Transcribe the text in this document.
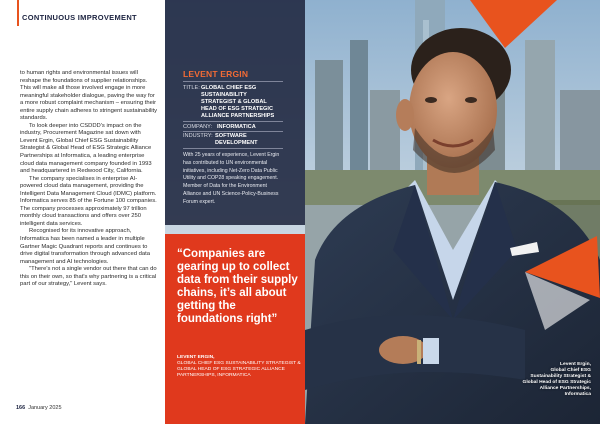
CONTINUOUS IMPROVEMENT

to human rights and environmental issues will reshape the foundations of supplier relationships. This will make all those involved engage in more meaningful stakeholder dialogue, paving the way for a more robust complaint mechanism – ensuring their entire supply chain adheres to stringent sustainability standards.

To look deeper into CSDDD's impact on the industry, Procurement Magazine sat down with Levent Ergin, Global Chief ESG Sustainability Strategist & Global Head of ESG Strategic Alliance Partnerships at Informatica, a leading enterprise cloud data management company founded in 1993 and headquartered in Redwood City, California.

The company specialises in enterprise AI-powered cloud data management, providing the Intelligent Data Management Cloud (IDMC) platform. Informatica serves 85 of the Fortune 100 companies. The company processes approximately 97 trillion monthly cloud transactions and offers over 250 intelligent data services.

Recognised for its innovative approach, Informatica has been named a leader in multiple Gartner Magic Quadrant reports and continues to drive digital transformation through advanced data management and AI technologies.

"There's not a single vendor out there that can do this on their own, so that's why partnering is a critical part of our strategy," Levent says.

166 January 2025
LEVENT ERGIN
TITLE: GLOBAL CHIEF ESG
SUSTAINABILITY
STRATEGIST & GLOBAL
HEAD OF ESG STRATEGIC
ALLIANCE PARTNERSHIPS
COMPANY: INFORMATICA
INDUSTRY: SOFTWARE
DEVELOPMENT
With 25 years of experience, Levent Ergin has contributed to UN environmental initiatives, including Net-Zero Data Public Utility and COP28 speaking engagement. Member of Data for the Environment Alliance and UN Science-Policy-Business Forum expert.
“Companies are gearing up to collect data from their supply chains, it’s all about getting the foundations right”
LEVENT ERGIN,
GLOBAL CHIEF ESG SUSTAINABILITY STRATEGIST & GLOBAL HEAD OF ESG STRATEGIC ALLIANCE PARTNERSHIPS, INFORMATICA
Levent Ergin,
Global Chief ESG
Sustainability Strategist &
Global Head of ESG Strategic
Alliance Partnerships,
Informatica
